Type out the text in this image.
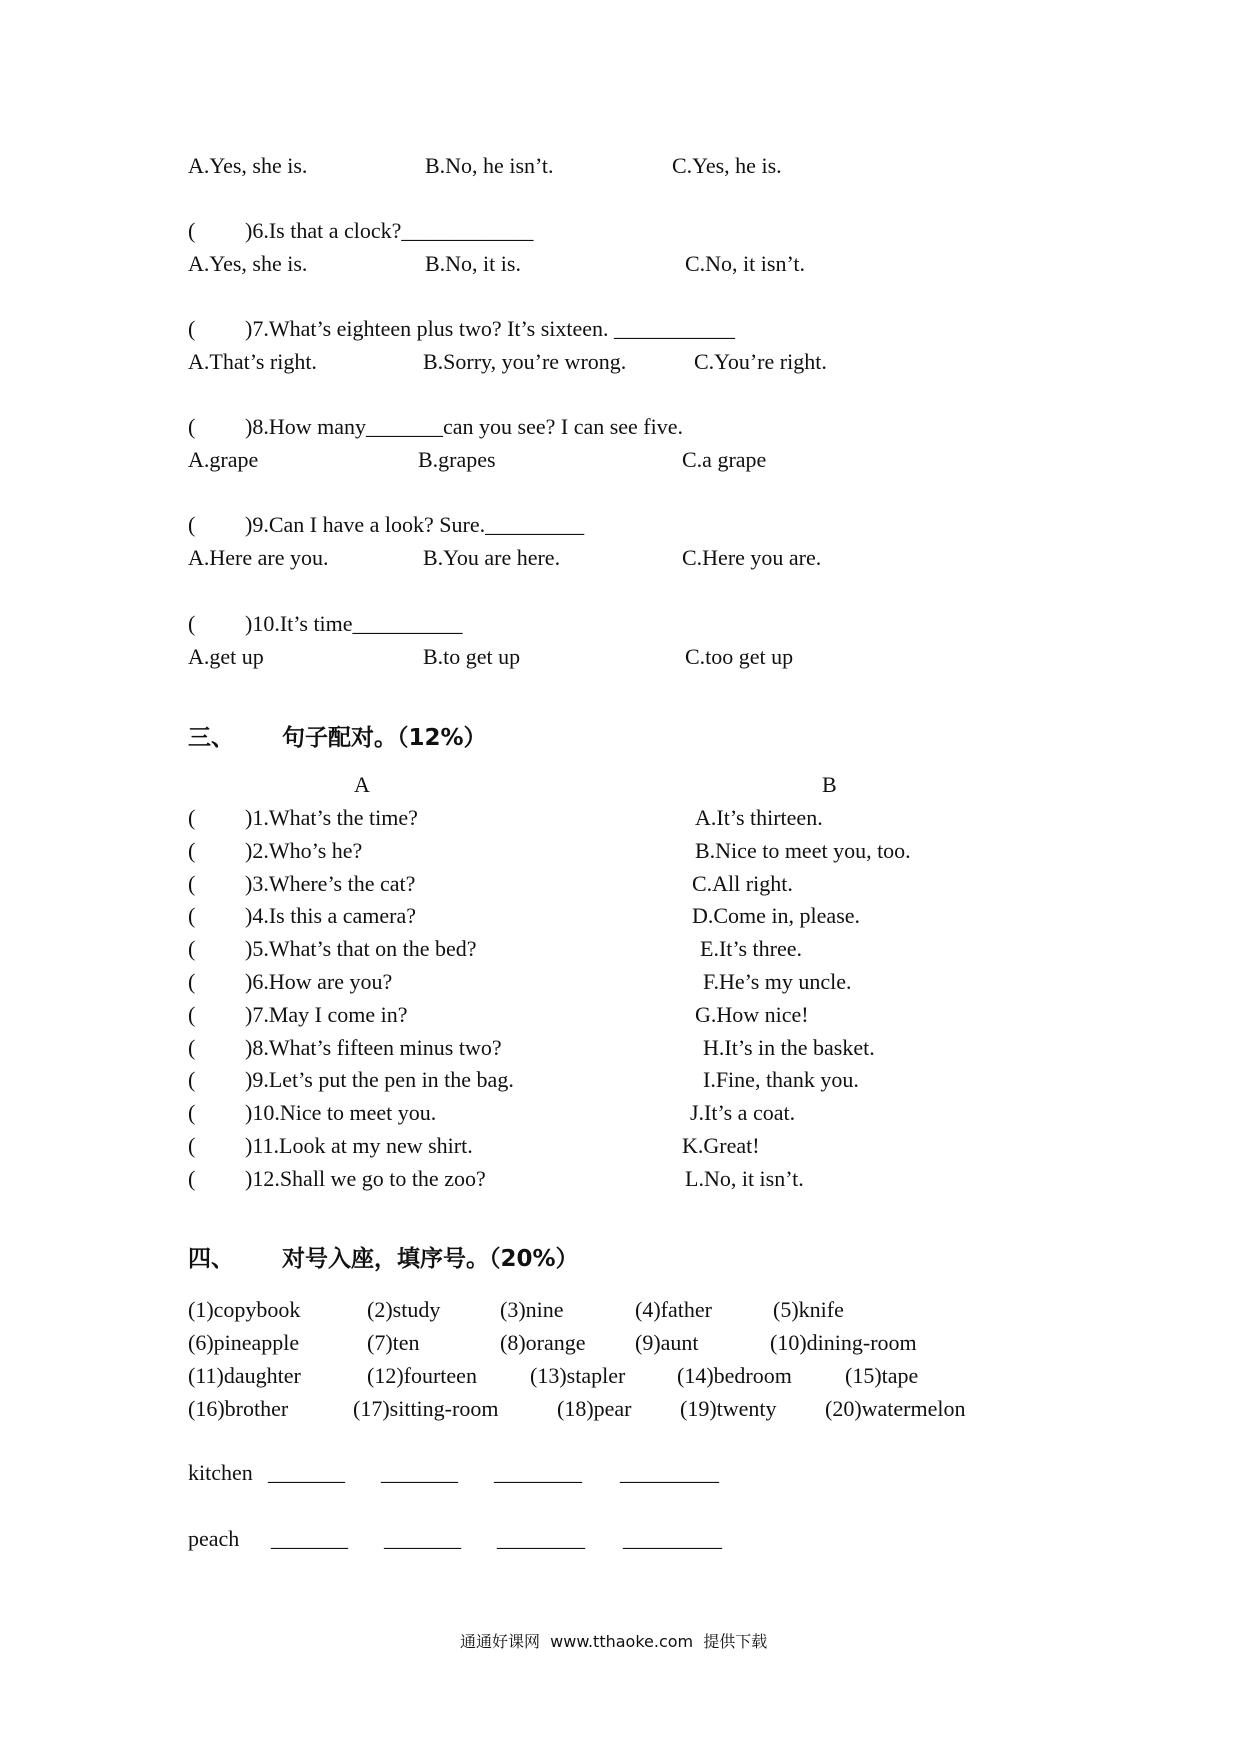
A.Yes, she is.	B.No, he isn’t.	C.Yes, he is.
( )6.Is that a clock?____________
A.Yes, she is.	B.No, it is.	C.No, it isn’t.
( )7.What’s eighteen plus two? It’s sixteen. ___________
A.That’s right.	B.Sorry, you’re wrong.	C.You’re right.
( )8.How many_______can you see? I can see five.
A.grape	B.grapes	C.a grape
( )9.Can I have a look? Sure._________
A.Here are you.	B.You are here.	C.Here you are.
( )10.It’s time__________
A.get up	B.to get up	C.too get up
三、 句子配对。（12%）
A	B
( )1.What’s the time?	A.It’s thirteen.
( )2.Who’s he?	B.Nice to meet you, too.
( )3.Where’s the cat?	C.All right.
( )4.Is this a camera?	D.Come in, please.
( )5.What’s that on the bed?	E.It’s three.
( )6.How are you?	F.He’s my uncle.
( )7.May I come in?	G.How nice!
( )8.What’s fifteen minus two?	H.It’s in the basket.
( )9.Let’s put the pen in the bag.	I.Fine, thank you.
( )10.Nice to meet you.	J.It’s a coat.
( )11.Look at my new shirt.	K.Great!
( )12.Shall we go to the zoo?	L.No, it isn’t.
四、 对号入座，填序号。（20%）
(1)copybook	(2)study	(3)nine	(4)father	(5)knife
(6)pineapple	(7)ten	(8)orange (9)aunt	(10)dining-room
(11)daughter	(12)fourteen (13)stapler (14)bedroom (15)tape
(16)brother	(17)sitting-room	(18)pear (19)twenty (20)watermelon
kitchen _______ _______ ________ _________
peach _______ _______ ________ _________
通通好课网  www.tthaoke.com  提供下载
